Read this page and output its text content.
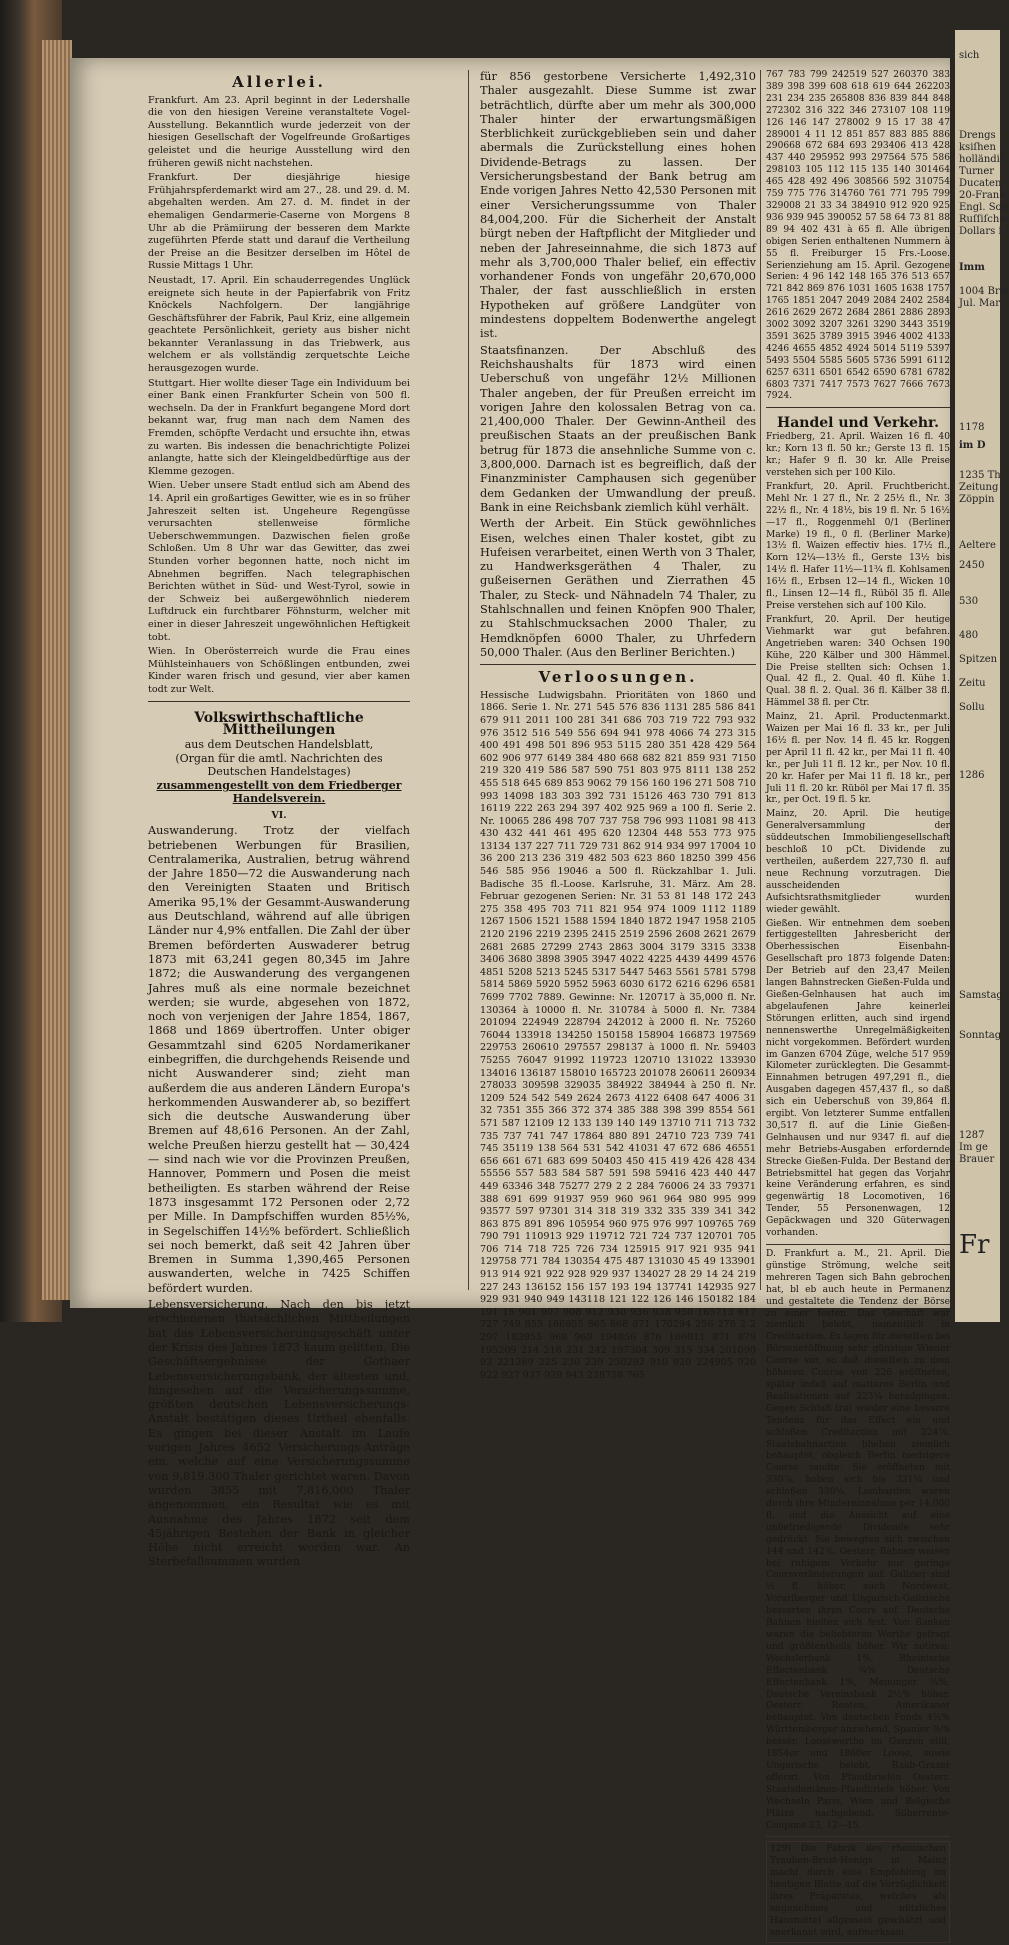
Allerlei.

Frankfurt. Am 23. April beginnt in der Ledershalle die von den hiesigen Vereine veranstaltete Vogel-Ausstellung. Bekanntlich wurde jederzeit von der hiesigen Gesellschaft der Vogelfreunde Großartiges geleistet und die heurige Ausstellung wird den früheren gewiß nicht nachstehen.

Frankfurt. Der diesjährige hiesige Frühjahrspferdemarkt wird am 27., 28. und 29. d. M. abgehalten werden. Am 27. d. M. findet in der ehemaligen Gendarmerie-Caserne von Morgens 8 Uhr ab die Prämiirung der besseren dem Markte zugeführten Pferde statt und darauf die Vertheilung der Preise an die Besitzer derselben im Hôtel de Russie Mittags 1 Uhr.

Neustadt, 17. April. Ein schauderregendes Unglück ereignete sich heute in der Papierfabrik von Fritz Knöckels Nachfolgern. Der langjährige Geschäftsführer der Fabrik, Paul Kriz, eine allgemein geachtete Persönlichkeit, geriety aus bisher nicht bekannter Veranlassung in das Triebwerk, aus welchem er als vollständig zerquetschte Leiche herausgezogen wurde.

Stuttgart. Hier wollte dieser Tage ein Individuum bei einer Bank einen Frankfurter Schein von 500 fl. wechseln. Da der in Frankfurt begangene Mord dort bekannt war, frug man nach dem Namen des Fremden, schöpfte Verdacht und ersuchte ihn, etwas zu warten. Bis indessen die benachrichtigte Polizei anlangte, hatte sich der Kleingeldbedürftige aus der Klemme gezogen.

Wien. Ueber unsere Stadt entlud sich am Abend des 14. April ein großartiges Gewitter, wie es in so früher Jahreszeit selten ist. Ungeheure Regengüsse verursachten stellenweise förmliche Ueberschwemmungen. Dazwischen fielen große Schloßen. Um 8 Uhr war das Gewitter, das zwei Stunden vorher begonnen hatte, noch nicht im Abnehmen begriffen. Nach telegraphischen Berichten wüthet in Süd- und West-Tyrol, sowie in der Schweiz bei außergewöhnlich niederem Luftdruck ein furchtbarer Föhnsturm, welcher mit einer in dieser Jahreszeit ungewöhnlichen Heftigkeit tobt.

Wien. In Oberösterreich wurde die Frau eines Mühlsteinhauers von Schößlingen entbunden, zwei Kinder waren frisch und gesund, vier aber kamen todt zur Welt.

Volkswirthschaftliche Mittheilungen
aus dem Deutschen Handelsblatt,
(Organ für die amtl. Nachrichten des Deutschen Handelstages)
zusammengestellt von dem Friedberger Handelsverein.
VI.

Auswanderung. Trotz der vielfach betriebenen Werbungen für Brasilien, Centralamerika, Australien, betrug während der Jahre 1850—72 die Auswanderung nach den Vereinigten Staaten und Britisch Amerika 95,1% der Gesammt-Auswanderung aus Deutschland, während auf alle übrigen Länder nur 4,9% entfallen. Die Zahl der über Bremen beförderten Auswaderer betrug 1873 mit 63,241 gegen 80,345 im Jahre 1872; die Auswanderung des vergangenen Jahres muß als eine normale bezeichnet werden; sie wurde, abgesehen von 1872, noch von verjenigen der Jahre 1854, 1867, 1868 und 1869 übertroffen. Unter obiger Gesammtzahl sind 6205 Nordamerikaner einbegriffen, die durchgehends Reisende und nicht Auswanderer sind; zieht man außerdem die aus anderen Ländern Europa's herkommenden Auswanderer ab, so beziffert sich die deutsche Auswanderung über Bremen auf 48,616 Personen. An der Zahl, welche Preußen hierzu gestellt hat — 30,424 — sind nach wie vor die Provinzen Preußen, Hannover, Pommern und Posen die meist betheiligten. Es starben während der Reise 1873 insgesammt 172 Personen oder 2,72 per Mille. In Dampfschiffen wurden 85½%, in Segelschiffen 14½% befördert. Schließlich sei noch bemerkt, daß seit 42 Jahren über Bremen in Summa 1,390,465 Personen auswanderten, welche in 7425 Schiffen befördert wurden.

Lebensversicherung. Nach den bis jetzt erschienenen thatsächlichen Mittheilungen hat das Lebensversicherungsgeschäft unter der Krisis des Jahres 1873 kaum gelitten. Die Geschäftsergebnisse der Gothaer Lebensversicherungsbank, der ältesten und, hingesehen auf die Versicherungssumme, größten deutschen Lebensversicherungs-Anstalt bestätigen dieses Urtheil ebenfalls. Es gingen bei dieser Anstalt im Laufe vorigen Jahres 4652 Versicherungs-Anträge ein, welche auf eine Versicherungssumme von 9,819,300 Thaler gerichtet waren. Davon wurden 3855 mit 7,816,000 Thaler angenommen, ein Resultat wie es mit Ausnahme des Jahres 1872 seit dem 45jährigen Bestehen der Bank in gleicher Höhe nicht erreicht worden war. An Sterbefallsummen wurden

für 856 gestorbene Versicherte 1,492,310 Thaler ausgezahlt. Diese Summe ist zwar beträchtlich, dürfte aber um mehr als 300,000 Thaler hinter der erwartungsmäßigen Sterblichkeit zurückgeblieben sein und daher abermals die Zurückstellung eines hohen Dividende-Betrags zu lassen. Der Versicherungsbestand der Bank betrug am Ende vorigen Jahres Netto 42,530 Personen mit einer Versicherungssumme von Thaler 84,004,200. Für die Sicherheit der Anstalt bürgt neben der Haftpflicht der Mitglieder und neben der Jahreseinnahme, die sich 1873 auf mehr als 3,700,000 Thaler belief, ein effectiv vorhandener Fonds von ungefähr 20,670,000 Thaler, der fast ausschließlich in ersten Hypotheken auf größere Landgüter von mindestens doppeltem Bodenwerthe angelegt ist.

Staatsfinanzen. Der Abschluß des Reichshaushalts für 1873 wird einen Ueberschuß von ungefähr 12½ Millionen Thaler angeben, der für Preußen erreicht im vorigen Jahre den kolossalen Betrag von ca. 21,400,000 Thaler. Der Gewinn-Antheil des preußischen Staats an der preußischen Bank betrug für 1873 die ansehnliche Summe von c. 3,800,000. Darnach ist es begreiflich, daß der Finanzminister Camphausen sich gegenüber dem Gedanken der Umwandlung der preuß. Bank in eine Reichsbank ziemlich kühl verhält.

Werth der Arbeit. Ein Stück gewöhnliches Eisen, welches einen Thaler kostet, gibt zu Hufeisen verarbeitet, einen Werth von 3 Thaler, zu Handwerksgeräthen 4 Thaler, zu gußeisernen Geräthen und Zierrathen 45 Thaler, zu Steck- und Nähnadeln 74 Thaler, zu Stahlschnallen und feinen Knöpfen 900 Thaler, zu Stahlschmucksachen 2000 Thaler, zu Hemdknöpfen 6000 Thaler, zu Uhrfedern 50,000 Thaler. (Aus den Berliner Berichten.)

Verloosungen.

Hessische Ludwigsbahn. Prioritäten von 1860 und 1866. Serie 1. Nr. 271 545 576 836 1131 285 586 841 679 911 2011 100 281 341 686 703 719 722 793 932 976 3512 516 549 556 694 941 978 4066 74 273 315 400 491 498 501 896 953 5115 280 351 428 429 564 602 906 977 6149 384 480 668 682 821 859 931 7150 219 320 419 586 587 590 751 803 975 8111 138 252 455 518 645 689 853 9062 79 156 160 196 271 508 710 993 14098 183 303 392 731 15126 463 730 791 813 16119 222 263 294 397 402 925 969 a 100 fl. Serie 2. Nr. 10065 286 498 707 737 758 796 993 11081 98 413 430 432 441 461 495 620 12304 448 553 773 975 13134 137 227 711 729 731 862 914 934 997 17004 10 36 200 213 236 319 482 503 623 860 18250 399 456 546 585 956 19046 a 500 fl. Rückzahlbar 1. Juli. Badische 35 fl.-Loose. Karlsruhe, 31. März. Am 28. Februar gezogenen Serien: Nr. 31 53 81 148 172 243 275 358 495 703 711 821 954 974 1009 1112 1189 1267 1506 1521 1588 1594 1840 1872 1947 1958 2105 2120 2196 2219 2395 2415 2519 2596 2608 2621 2679 2681 2685 27299 2743 2863 3004 3179 3315 3338 3406 3680 3898 3905 3947 4022 4225 4439 4499 4576 4851 5208 5213 5245 5317 5447 5463 5561 5781 5798 5814 5869 5920 5952 5963 6030 6172 6216 6296 6581 7699 7702 7889. Gewinne: Nr. 120717 à 35,000 fl. Nr. 130364 à 10000 fl. Nr. 310784 à 5000 fl. Nr. 7384 201094 224949 228794 242012 à 2000 fl. Nr. 75260 76044 133918 134250 150158 158904 166873 197569 229753 260610 297557 298137 à 1000 fl. Nr. 59403 75255 76047 91992 119723 120710 131022 133930 134016 136187 158010 165723 201078 260611 260934 278033 309598 329035 384922 384944 à 250 fl. Nr. 1209 524 542 549 2624 2673 4122 6408 647 4006 31 32 7351 355 366 372 374 385 388 398 399 8554 561 571 587 12109 12 133 139 140 149 13710 711 713 732 735 737 741 747 17864 880 891 24710 723 739 741 745 35119 138 564 531 542 41031 47 672 686 46551 656 661 671 683 699 50403 450 415 419 426 428 434 55556 557 583 584 587 591 598 59416 423 440 447 449 63346 348 75277 279 2 2 284 76006 24 33 79371 388 691 699 91937 959 960 961 964 980 995 999 93577 597 97301 314 318 319 332 335 339 341 342 863 875 891 896 105954 960 975 976 997 109765 769 790 791 110913 929 119712 721 724 737 120701 705 706 714 718 725 726 734 125915 917 921 935 941 129758 771 784 130354 475 487 131030 45 49 133901 913 914 921 922 928 929 937 134027 28 29 14 24 219 227 243 136152 156 157 193 194 137741 142935 927 929 931 940 949 143118 121 122 126 146 150182 184 191 15 901 907 908 912 930 936 938 950 165713 617 727 749 855 166855 865 868 871 170294 256 278 2 2 297 183955 968 969 194856 876 166011 871 879 195209 214 216 231 242 197304 309 315 334 201090 93 221269 225 230 239 250292 910 920 224905 920 922 927 937 939 943 228758 765

767 783 799 242519 527 260370 383 389 398 399 608 618 619 644 262203 231 234 235 265808 836 839 844 848 272302 316 322 346 273107 108 119 126 146 147 278002 9 15 17 38 47 289001 4 11 12 851 857 883 885 886 290668 672 684 693 293406 413 428 437 440 295952 993 297564 575 586 298103 105 112 115 135 140 301464 465 428 492 496 308566 592 310754 759 775 776 314760 761 771 795 799 329008 21 33 34 384910 912 920 925 936 939 945 390052 57 58 64 73 81 88 89 94 402 431 à 65 fl. Alle übrigen obigen Serien enthaltenen Nummern à 55 fl. Freiburger 15 Frs.-Loose. Serienziehung am 15. April. Gezogene Serien: 4 96 142 148 165 376 513 657 721 842 869 876 1031 1605 1638 1757 1765 1851 2047 2049 2084 2402 2584 2616 2629 2672 2684 2861 2886 2893 3002 3092 3207 3261 3290 3443 3519 3591 3625 3789 3915 3946 4002 4133 4246 4655 4852 4924 5014 5119 5397 5493 5504 5585 5605 5736 5991 6112 6257 6311 6501 6542 6590 6781 6782 6803 7371 7417 7573 7627 7666 7673 7924.

Handel und Verkehr.

Friedberg, 21. April. Waizen 16 fl. 40 kr.; Korn 13 fl. 50 kr.; Gerste 13 fl. 15 kr.; Hafer 9 fl. 30 kr. Alle Preise verstehen sich per 100 Kilo.

Frankfurt, 20. April. Fruchtbericht. Mehl Nr. 1 27 fl., Nr. 2 25½ fl., Nr. 3 22½ fl., Nr. 4 18½, bis 19 fl. Nr. 5 16½—17 fl., Roggenmehl 0/1 (Berliner Marke) 19 fl., 0 fl. (Berliner Marke) 13½ fl. Waizen effectiv hies. 17½ fl., Korn 12¼—13½ fl., Gerste 13½ bis 14½ fl. Hafer 11½—11¾ fl. Kohlsamen 16½ fl., Erbsen 12—14 fl., Wicken 10 fl., Linsen 12—14 fl., Rüböl 35 fl. Alle Preise verstehen sich auf 100 Kilo.

Frankfurt, 20. April. Der heutige Viehmarkt war gut befahren. Angetrieben waren: 340 Ochsen 190 Kühe, 220 Kälber und 300 Hämmel. Die Preise stellten sich: Ochsen 1. Qual. 42 fl., 2. Qual. 40 fl. Kühe 1. Qual. 38 fl. 2. Qual. 36 fl. Kälber 38 fl. Hämmel 38 fl. per Ctr.

Mainz, 21. April. Productenmarkt. Waizen per Mai 16 fl. 33 kr., per Juli 16½ fl. per Nov. 14 fl. 45 kr. Roggen per April 11 fl. 42 kr., per Mai 11 fl. 40 kr., per Juli 11 fl. 12 kr., per Nov. 10 fl. 20 kr. Hafer per Mai 11 fl. 18 kr., per Juli 11 fl. 20 kr. Rüböl per Mai 17 fl. 35 kr., per Oct. 19 fl. 5 kr.

Mainz, 20. April. Die heutige Generalversammlung der süddeutschen Immobiliengesellschaft beschloß 10 pCt. Dividende zu vertheilen, außerdem 227,730 fl. auf neue Rechnung vorzutragen. Die ausscheidenden Aufsichtsrathsmitglieder wurden wieder gewählt.

Gießen. Wir entnehmen dem soeben fertiggestellten Jahresbericht der Oberhessischen Eisenbahn-Gesellschaft pro 1873 folgende Daten: Der Betrieb auf den 23,47 Meilen langen Bahnstrecken Gießen-Fulda und Gießen-Gelnhausen hat auch im abgelaufenen Jahre keinerlei Störungen erlitten, auch sind irgend nennenswerthe Unregelmäßigkeiten nicht vorgekommen. Befördert wurden im Ganzen 6704 Züge, welche 517 959 Kilometer zurücklegten. Die Gesammt-Einnahmen betrugen 497,291 fl., die Ausgaben dagegen 457,437 fl., so daß sich ein Ueberschuß von 39,864 fl. ergibt. Von letzterer Summe entfallen 30,517 fl. auf die Linie Gießen-Gelnhausen und nur 9347 fl. auf die mehr Betriebs-Ausgaben erfordernde Strecke Gießen-Fulda. Der Bestand der Betriebsmittel hat gegen das Vorjahr keine Veränderung erfahren, es sind gegenwärtig 18 Locomotiven, 16 Tender, 55 Personenwagen, 12 Gepäckwagen und 320 Güterwagen vorhanden.

D. Frankfurt a. M., 21. April. Die günstige Strömung, welche seit mehreren Tagen sich Bahn gebrochen hat, bl eb auch heute in Permanenz und gestaltete die Tendenz der Börse zu einer festen. Das Geschäft war ziemlich belebt, namentlich in Creditactien. Es lagen für dieselben bei Börseneröffnung sehr günstige Wiener Course vor, so daß dieselben zu dem höheren Course von 226 eröffneten, später indeß auf matteres Berlin und Realisationen auf 223¼ heradgingen. Gegen Schluß trat wieder eine bessere Tendenz für das Effect ein und schloßen Creditactien mit 224⅞. Staatsbahnactien blieben ziemlich behauptet, obgleich Berlin niedrigere Course sandte. Sie eröffneten mit 330⅞, hoben sich bis 331¼ und schloßen 330¼. Lombarden waren durch ihre Mindereinnahme per 14,000 fl. und die Aussicht auf eine unbefriedigende Dividende sehr gedrückt. Sie bewegten sich zwischen 144 und 142¾. Oesterr. Bahnen weisen bei ruhigem Verkehr nur geringe Coursveränderungen auf. Galizier sind ½ fl. höher, auch Nordwest, Vorarlberger und Ungarisch-Galizische besserten ihren Cours auf. Deutsche Bahnen hielten sich fest. Von Banken waren die beliebteren Werthe gefragt und größtentheils höher. Wir notiren: Wechslerbank 1%, Rheinische Effectenbank ¾% Deutsche Effectenbank 1%, Meininger ¾%, Deutsche Vereinsbank 2½% höher. Oesterr. Renten, Amerikaner behauptet. Von deutschen Fonds 4½% Württemberger anziehend, Spanier ⅜% besser. Loosewerthe im Ganzen still, 1854er und 1860er Loose, sowie Ungarische belebt. Raab-Grazer offerirt. Von Pfandbriefen Oesterr. Staatsdomänen-Pfandbriefe höher. Von Wechseln Paris, Wien und Belgische Plätze nachgebend. Silberrente-Coupons 23, 12—15.

129) Die Fabrik des rheinischen Trauben-Brust-Honigs in Mainz macht durch eine Empfehlung im heutigen Blatte auf die Vorzüglichkeit ihres Präparates, welches als angenehmes und nützliches Hausmittel allgemein geschätzt und anerkannt wird, aufmerksam.

sich
Drengs
ksiſhen
holländiſ
Turner
Ducaten
20-Frank
Engl. Sov
Ruſſiſche
Dollars i
Imm
1004 Brei
Jul. Mar
1178
im D
1235 Th
Zeitung
Zöppin
Aeltere
2450
530
480
Spitzen
Zeitu
Sollu
1286
Samstag
Sonntag
1287
Im ge
Brauer
Fr
